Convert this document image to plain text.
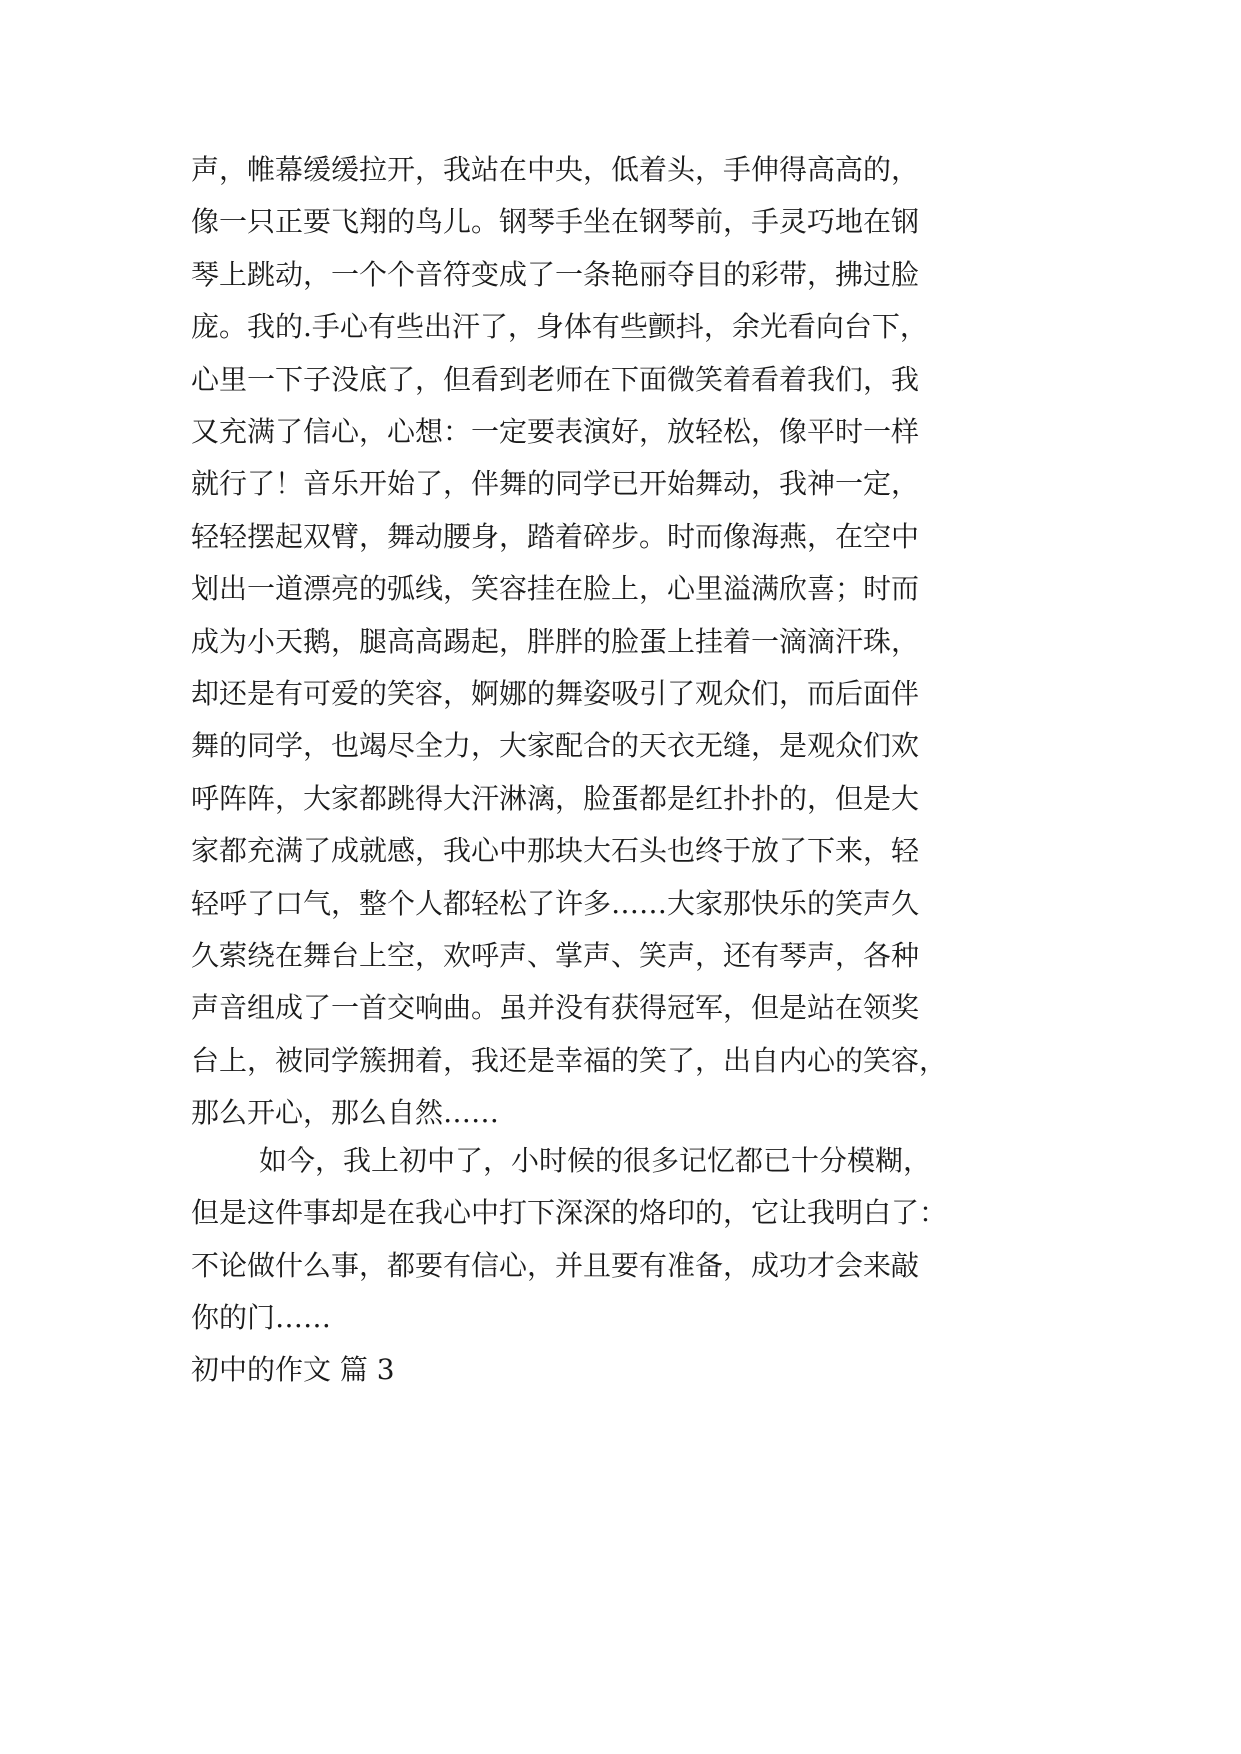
声，帷幕缓缓拉开，我站在中央，低着头，手伸得高高的，

像一只正要飞翔的鸟儿。钢琴手坐在钢琴前，手灵巧地在钢

琴上跳动，一个个音符变成了一条艳丽夺目的彩带，拂过脸

庞。我的.手心有些出汗了，身体有些颤抖，余光看向台下，

心里一下子没底了，但看到老师在下面微笑着看着我们，我

又充满了信心，心想：一定要表演好，放轻松，像平时一样

就行了！音乐开始了，伴舞的同学已开始舞动，我神一定，

轻轻摆起双臂，舞动腰身，踏着碎步。时而像海燕，在空中

划出一道漂亮的弧线，笑容挂在脸上，心里溢满欣喜；时而

成为小天鹅，腿高高踢起，胖胖的脸蛋上挂着一滴滴汗珠，

却还是有可爱的笑容，婀娜的舞姿吸引了观众们，而后面伴

舞的同学，也竭尽全力，大家配合的天衣无缝，是观众们欢

呼阵阵，大家都跳得大汗淋漓，脸蛋都是红扑扑的，但是大

家都充满了成就感，我心中那块大石头也终于放了下来，轻

轻呼了口气，整个人都轻松了许多……大家那快乐的笑声久

久萦绕在舞台上空，欢呼声、掌声、笑声，还有琴声，各种

声音组成了一首交响曲。虽并没有获得冠军，但是站在领奖

台上，被同学簇拥着，我还是幸福的笑了，出自内心的笑容，

那么开心，那么自然……

如今，我上初中了，小时候的很多记忆都已十分模糊，

但是这件事却是在我心中打下深深的烙印的，它让我明白了：

不论做什么事，都要有信心，并且要有准备，成功才会来敲

你的门……

初中的作文 篇 3
